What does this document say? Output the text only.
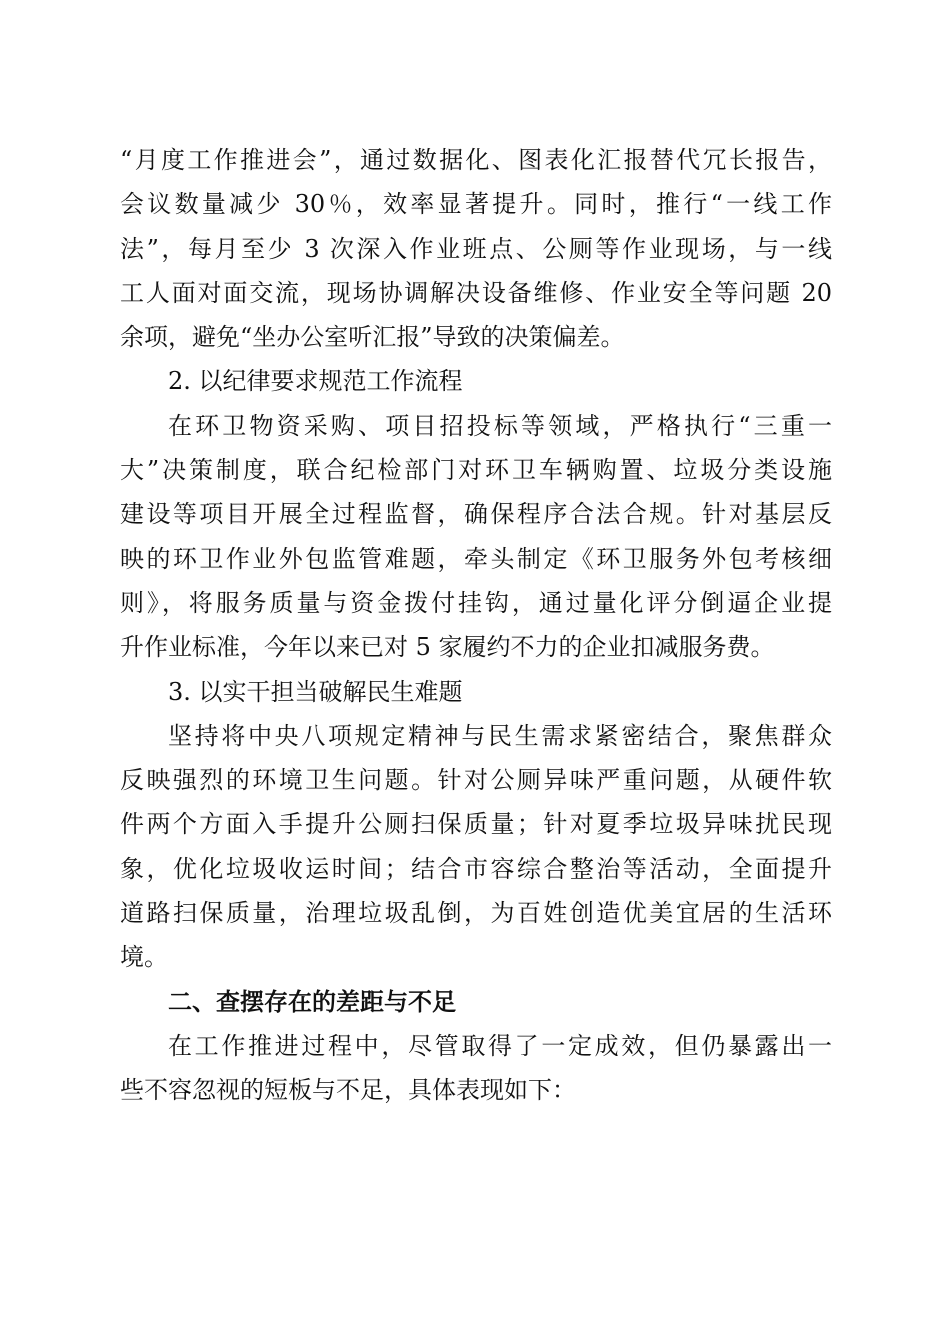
“月度工作推进会”，通过数据化、图表化汇报替代冗长报告，
会议数量减少 30％，效率显著提升。同时，推行“一线工作
法”，每月至少 3 次深入作业班点、公厕等作业现场，与一线
工人面对面交流，现场协调解决设备维修、作业安全等问题 20
余项，避免“坐办公室听汇报”导致的决策偏差。
2. 以纪律要求规范工作流程
在环卫物资采购、项目招投标等领域，严格执行“三重一
大”决策制度，联合纪检部门对环卫车辆购置、垃圾分类设施
建设等项目开展全过程监督，确保程序合法合规。针对基层反
映的环卫作业外包监管难题，牵头制定《环卫服务外包考核细
则》，将服务质量与资金拨付挂钩，通过量化评分倒逼企业提
升作业标准，今年以来已对 5 家履约不力的企业扣减服务费。
3. 以实干担当破解民生难题
坚持将中央八项规定精神与民生需求紧密结合，聚焦群众
反映强烈的环境卫生问题。针对公厕异味严重问题，从硬件软
件两个方面入手提升公厕扫保质量；针对夏季垃圾异味扰民现
象，优化垃圾收运时间；结合市容综合整治等活动，全面提升
道路扫保质量，治理垃圾乱倒，为百姓创造优美宜居的生活环
境。
二、查摆存在的差距与不足
在工作推进过程中，尽管取得了一定成效，但仍暴露出一
些不容忽视的短板与不足，具体表现如下：
